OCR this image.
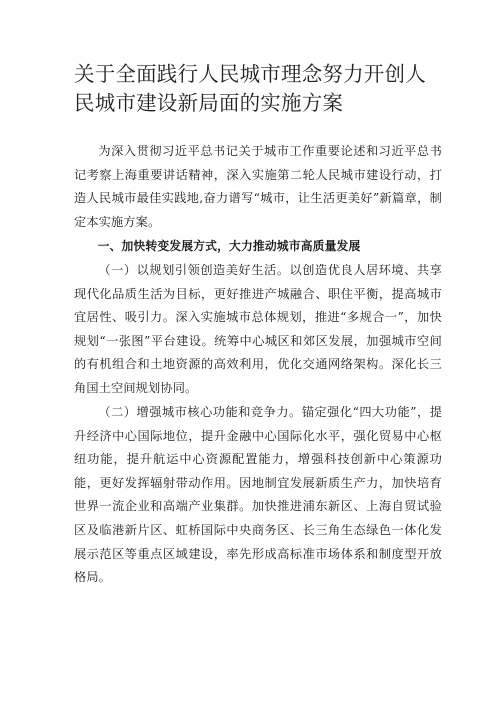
关于全面践行人民城市理念努力开创人民城市建设新局面的实施方案

为深入贯彻习近平总书记关于城市工作重要论述和习近平总书记考察上海重要讲话精神，深入实施第二轮人民城市建设行动，打造人民城市最佳实践地,奋力谱写“城市，让生活更美好”新篇章，制定本实施方案。

一、加快转变发展方式，大力推动城市高质量发展

（一）以规划引领创造美好生活。以创造优良人居环境、共享现代化品质生活为目标，更好推进产城融合、职住平衡，提高城市宜居性、吸引力。深入实施城市总体规划，推进“多规合一”，加快规划“一张图”平台建设。统筹中心城区和郊区发展，加强城市空间的有机组合和土地资源的高效利用，优化交通网络架构。深化长三角国土空间规划协同。

（二）增强城市核心功能和竞争力。锚定强化“四大功能”，提升经济中心国际地位，提升金融中心国际化水平，强化贸易中心枢纽功能，提升航运中心资源配置能力，增强科技创新中心策源功能，更好发挥辐射带动作用。因地制宜发展新质生产力，加快培育世界一流企业和高端产业集群。加快推进浦东新区、上海自贸试验区及临港新片区、虹桥国际中央商务区、长三角生态绿色一体化发展示范区等重点区域建设，率先形成高标准市场体系和制度型开放格局。
